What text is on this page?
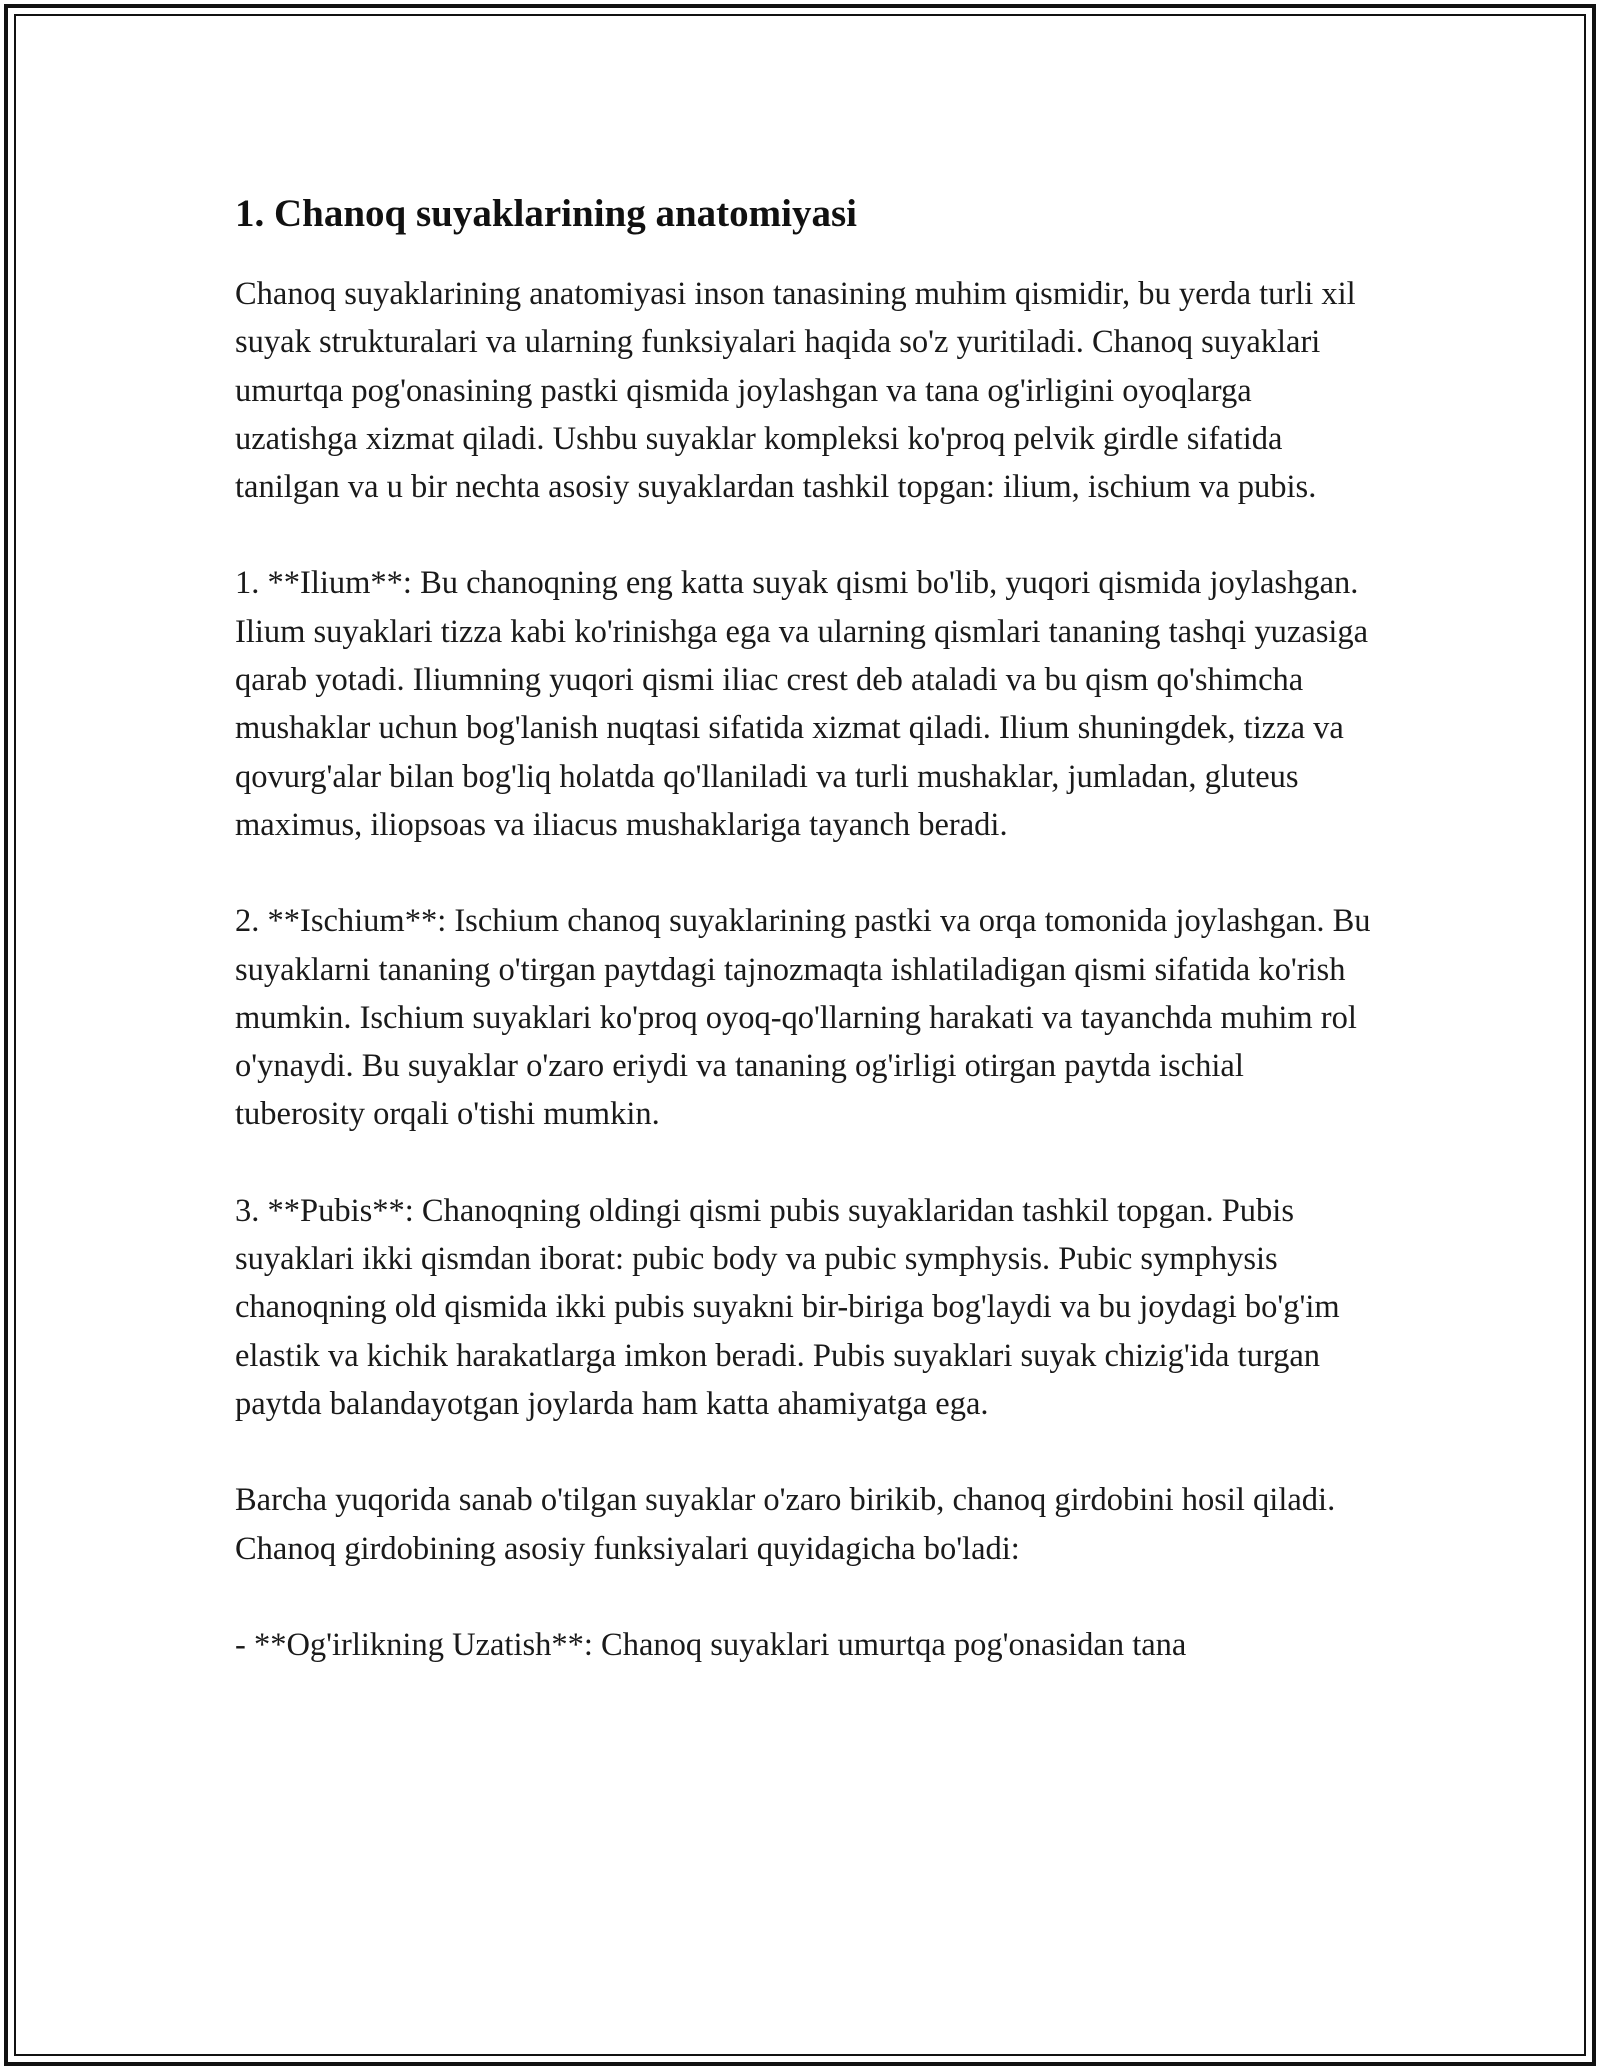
1. Chanoq suyaklarining anatomiyasi

Chanoq suyaklarining anatomiyasi inson tanasining muhim qismidir, bu yerda turli xil suyak strukturalari va ularning funksiyalari haqida so'z yuritiladi. Chanoq suyaklari umurtqa pog'onasining pastki qismida joylashgan va tana og'irligini oyoqlarga uzatishga xizmat qiladi. Ushbu suyaklar kompleksi ko'proq pelvik girdle sifatida tanilgan va u bir nechta asosiy suyaklardan tashkil topgan: ilium, ischium va pubis.

1. **Ilium**: Bu chanoqning eng katta suyak qismi bo'lib, yuqori qismida joylashgan. Ilium suyaklari tizza kabi ko'rinishga ega va ularning qismlari tananing tashqi yuzasiga qarab yotadi. Iliumning yuqori qismi iliac crest deb ataladi va bu qism qo'shimcha mushaklar uchun bog'lanish nuqtasi sifatida xizmat qiladi. Ilium shuningdek, tizza va qovurg'alar bilan bog'liq holatda qo'llaniladi va turli mushaklar, jumladan, gluteus maximus, iliopsoas va iliacus mushaklariga tayanch beradi.

2. **Ischium**: Ischium chanoq suyaklarining pastki va orqa tomonida joylashgan. Bu suyaklarni tananing o'tirgan paytdagi tajnozmaqta ishlatiladigan qismi sifatida ko'rish mumkin. Ischium suyaklari ko'proq oyoq-qo'llarning harakati va tayanchda muhim rol o'ynaydi. Bu suyaklar o'zaro eriydi va tananing og'irligi otirgan paytda ischial tuberosity orqali o'tishi mumkin.

3. **Pubis**: Chanoqning oldingi qismi pubis suyaklaridan tashkil topgan. Pubis suyaklari ikki qismdan iborat: pubic body va pubic symphysis. Pubic symphysis chanoqning old qismida ikki pubis suyakni bir-biriga bog'laydi va bu joydagi bo'g'im elastik va kichik harakatlarga imkon beradi. Pubis suyaklari suyak chizig'ida turgan paytda balandayotgan joylarda ham katta ahamiyatga ega.

Barcha yuqorida sanab o'tilgan suyaklar o'zaro birikib, chanoq girdobini hosil qiladi. Chanoq girdobining asosiy funksiyalari quyidagicha bo'ladi:

- **Og'irlikning Uzatish**: Chanoq suyaklari umurtqa pog'onasidan tana
